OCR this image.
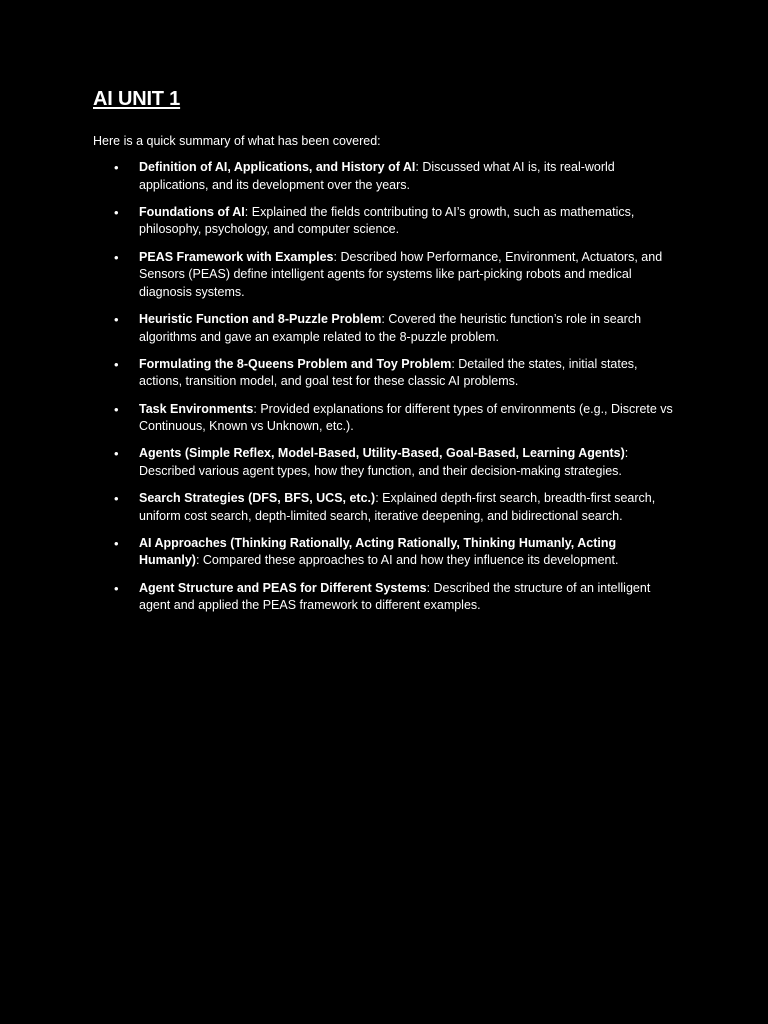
AI UNIT 1

Here is a quick summary of what has been covered:

• Definition of AI, Applications, and History of AI: Discussed what AI is, its real-world applications, and its development over the years.
• Foundations of AI: Explained the fields contributing to AI’s growth, such as mathematics, philosophy, psychology, and computer science.
• PEAS Framework with Examples: Described how Performance, Environment, Actuators, and Sensors (PEAS) define intelligent agents for systems like part-picking robots and medical diagnosis systems.
• Heuristic Function and 8-Puzzle Problem: Covered the heuristic function’s role in search algorithms and gave an example related to the 8-puzzle problem.
• Formulating the 8-Queens Problem and Toy Problem: Detailed the states, initial states, actions, transition model, and goal test for these classic AI problems.
• Task Environments: Provided explanations for different types of environments (e.g., Discrete vs Continuous, Known vs Unknown, etc.).
• Agents (Simple Reflex, Model-Based, Utility-Based, Goal-Based, Learning Agents): Described various agent types, how they function, and their decision-making strategies.
• Search Strategies (DFS, BFS, UCS, etc.): Explained depth-first search, breadth-first search, uniform cost search, depth-limited search, iterative deepening, and bidirectional search.
• AI Approaches (Thinking Rationally, Acting Rationally, Thinking Humanly, Acting Humanly): Compared these approaches to AI and how they influence its development.
• Agent Structure and PEAS for Different Systems: Described the structure of an intelligent agent and applied the PEAS framework to different examples.
